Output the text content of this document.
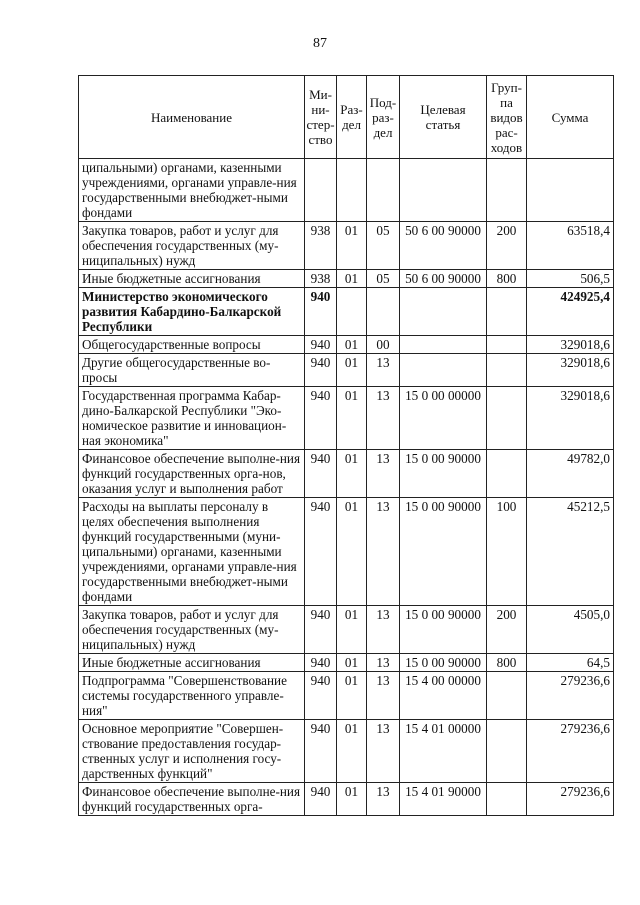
87
Наименование	Ми-
ни-
стер-
ство	Раз-
дел	Под-
раз-
дел	Целевая
статья	Груп-
па
видов
рас-
ходов	Сумма
ципальными) органами, казенными учреждениями, органами управле-ния государственными внебюджет-ными фондами						
Закупка товаров, работ и услуг для обеспечения государственных (му-ниципальных) нужд	938	01	05	50 6 00 90000	200	63518,4
Иные бюджетные ассигнования	938	01	05	50 6 00 90000	800	506,5
Министерство экономического развития Кабардино-Балкарской Республики	940					424925,4
Общегосударственные вопросы	940	01	00			329018,6
Другие общегосударственные во-просы	940	01	13			329018,6
Государственная программа Кабар-дино-Балкарской Республики "Эко-номическое развитие и инновацион-ная экономика"	940	01	13	15 0 00 00000		329018,6
Финансовое обеспечение выполне-ния функций государственных орга-нов, оказания услуг и выполнения работ	940	01	13	15 0 00 90000		49782,0
Расходы на выплаты персоналу в целях обеспечения выполнения функций государственными (муни-ципальными) органами, казенными учреждениями, органами управле-ния государственными внебюджет-ными фондами	940	01	13	15 0 00 90000	100	45212,5
Закупка товаров, работ и услуг для обеспечения государственных (му-ниципальных) нужд	940	01	13	15 0 00 90000	200	4505,0
Иные бюджетные ассигнования	940	01	13	15 0 00 90000	800	64,5
Подпрограмма "Совершенствование системы государственного управле-ния"	940	01	13	15 4 00 00000		279236,6
Основное мероприятие "Совершен-ствование предоставления государ-ственных услуг и исполнения госу-дарственных функций"	940	01	13	15 4 01 00000		279236,6
Финансовое обеспечение выполне-ния функций государственных орга-	940	01	13	15 4 01 90000		279236,6
